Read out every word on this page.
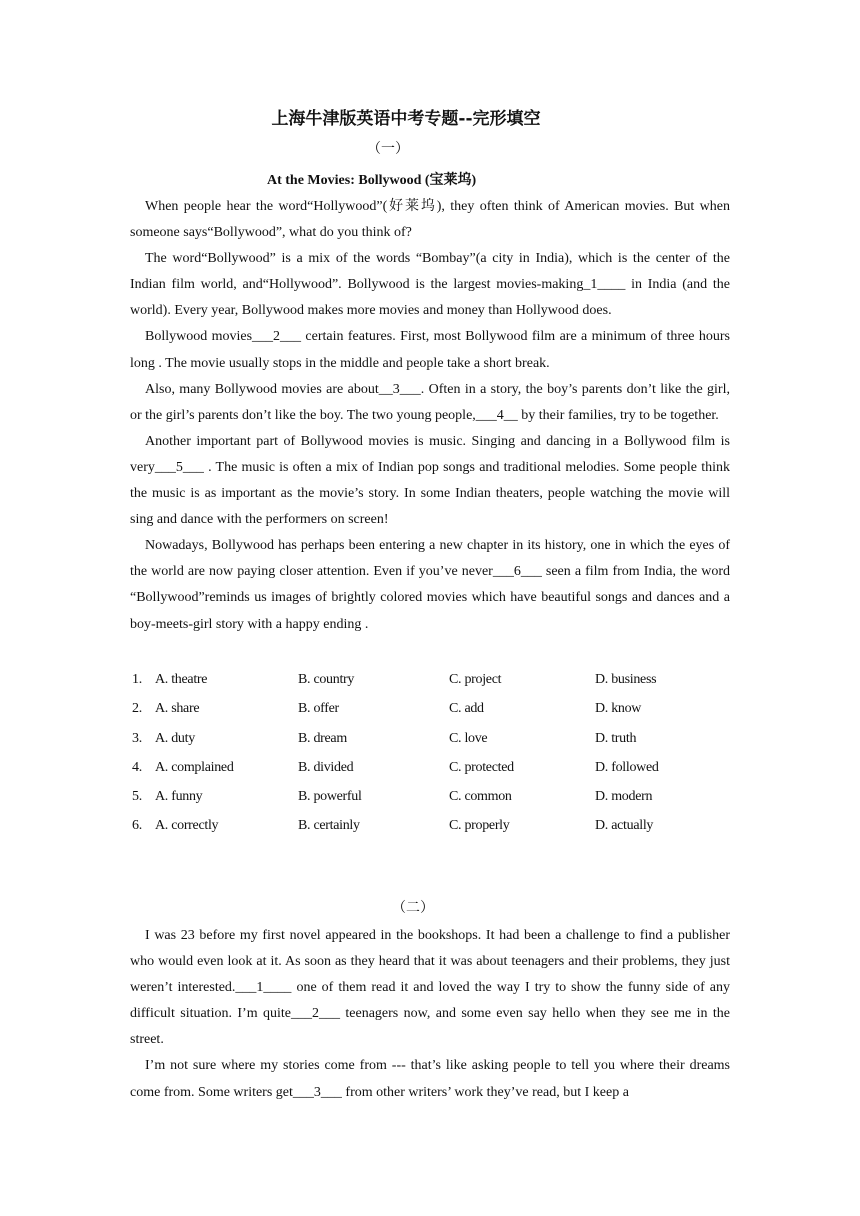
上海牛津版英语中考专题--完形填空
（一）
At the Movies: Bollywood (宝莱坞)

When people hear the word“Hollywood”(好莱坞), they often think of American movies. But when someone says“Bollywood”, what do you think of?

The word“Bollywood” is a mix of the words “Bombay”(a city in India), which is the center of the Indian film world, and“Hollywood”. Bollywood is the largest movies-making_1____ in India (and the world). Every year, Bollywood makes more movies and money than Hollywood does.

Bollywood movies___2___ certain features. First, most Bollywood film are a minimum of three hours long . The movie usually stops in the middle and people take a short break.

Also, many Bollywood movies are about__3___. Often in a story, the boy’s parents don’t like the girl, or the girl’s parents don’t like the boy. The two young people,___4__ by their families, try to be together.

Another important part of Bollywood movies is music. Singing and dancing in a Bollywood film is very___5___ . The music is often a mix of Indian pop songs and traditional melodies. Some people think the music is as important as the movie’s story. In some Indian theaters, people watching the movie will sing and dance with the performers on screen!

Nowadays, Bollywood has perhaps been entering a new chapter in its history, one in which the eyes of the world are now paying closer attention. Even if you’ve never___6___ seen a film from India, the word “Bollywood”reminds us images of brightly colored movies which have beautiful songs and dances and a boy-meets-girl story with a happy ending .

1. A. theatre	B. country	C. project	D. business
2. A. share	B. offer	C. add	D. know
3. A. duty	B. dream	C. love	D. truth
4. A. complained	B. divided	C. protected	D. followed
5. A. funny	B. powerful	C. common	D. modern
6. A. correctly	B. certainly	C. properly	D. actually
（二）

I was 23 before my first novel appeared in the bookshops. It had been a challenge to find a publisher who would even look at it. As soon as they heard that it was about teenagers and their problems, they just weren’t interested.___1____ one of them read it and loved the way I try to show the funny side of any difficult situation. I’m quite___2___ teenagers now, and some even say hello when they see me in the street.

I’m not sure where my stories come from --- that’s like asking people to tell you where their dreams come from. Some writers get___3___ from other writers’ work they’ve read, but I keep a
